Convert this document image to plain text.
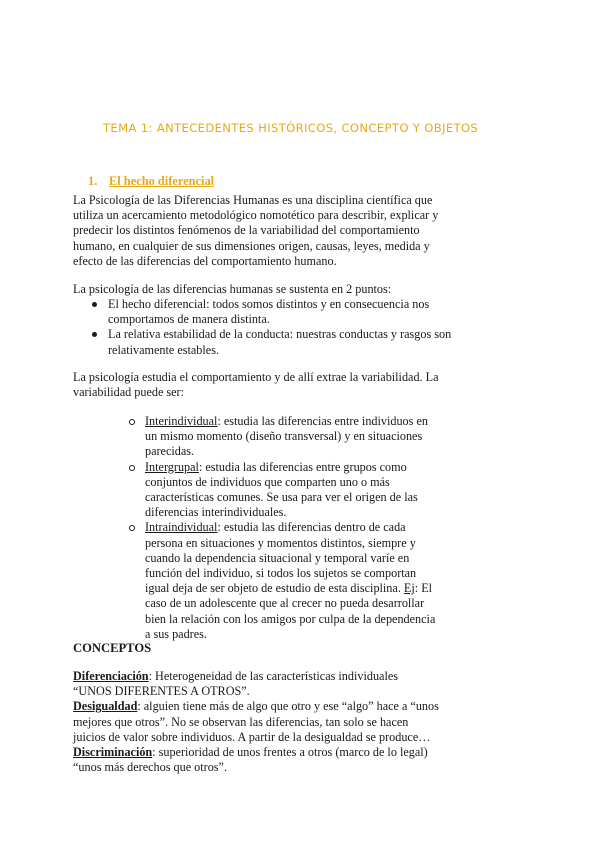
TEMA 1: ANTECEDENTES HISTÓRICOS, CONCEPTO Y OBJETOS
1. El hecho diferencial
La Psicología de las Diferencias Humanas es una disciplina científica que
utiliza un acercamiento metodológico nomotético para describir, explicar y
predecir los distintos fenómenos de la variabilidad del comportamiento
humano, en cualquier de sus dimensiones origen, causas, leyes, medida y
efecto de las diferencias del comportamiento humano.
La psicología de las diferencias humanas se sustenta en 2 puntos:
El hecho diferencial: todos somos distintos y en consecuencia nos
comportamos de manera distinta.
La relativa estabilidad de la conducta: nuestras conductas y rasgos son
relativamente estables.
La psicología estudia el comportamiento y de allí extrae la variabilidad. La
variabilidad puede ser:
Interindividual: estudia las diferencias entre individuos en
un mismo momento (diseño transversal) y en situaciones
parecidas.
Intergrupal: estudia las diferencias entre grupos como
conjuntos de individuos que comparten uno o más
características comunes. Se usa para ver el origen de las
diferencias interindividuales.
Intraindividual: estudia las diferencias dentro de cada
persona en situaciones y momentos distintos, siempre y
cuando la dependencia situacional y temporal varíe en
función del individuo, si todos los sujetos se comportan
igual deja de ser objeto de estudio de esta disciplina. Ej: El
caso de un adolescente que al crecer no pueda desarrollar
bien la relación con los amigos por culpa de la dependencia
a sus padres.
CONCEPTOS
Diferenciación: Heterogeneidad de las características individuales
“UNOS DIFERENTES A OTROS”.
Desigualdad: alguien tiene más de algo que otro y ese “algo” hace a “unos
mejores que otros”. No se observan las diferencias, tan solo se hacen
juicios de valor sobre individuos. A partir de la desigualdad se produce…
Discriminación: superioridad de unos frentes a otros (marco de lo legal)
“unos más derechos que otros”.
